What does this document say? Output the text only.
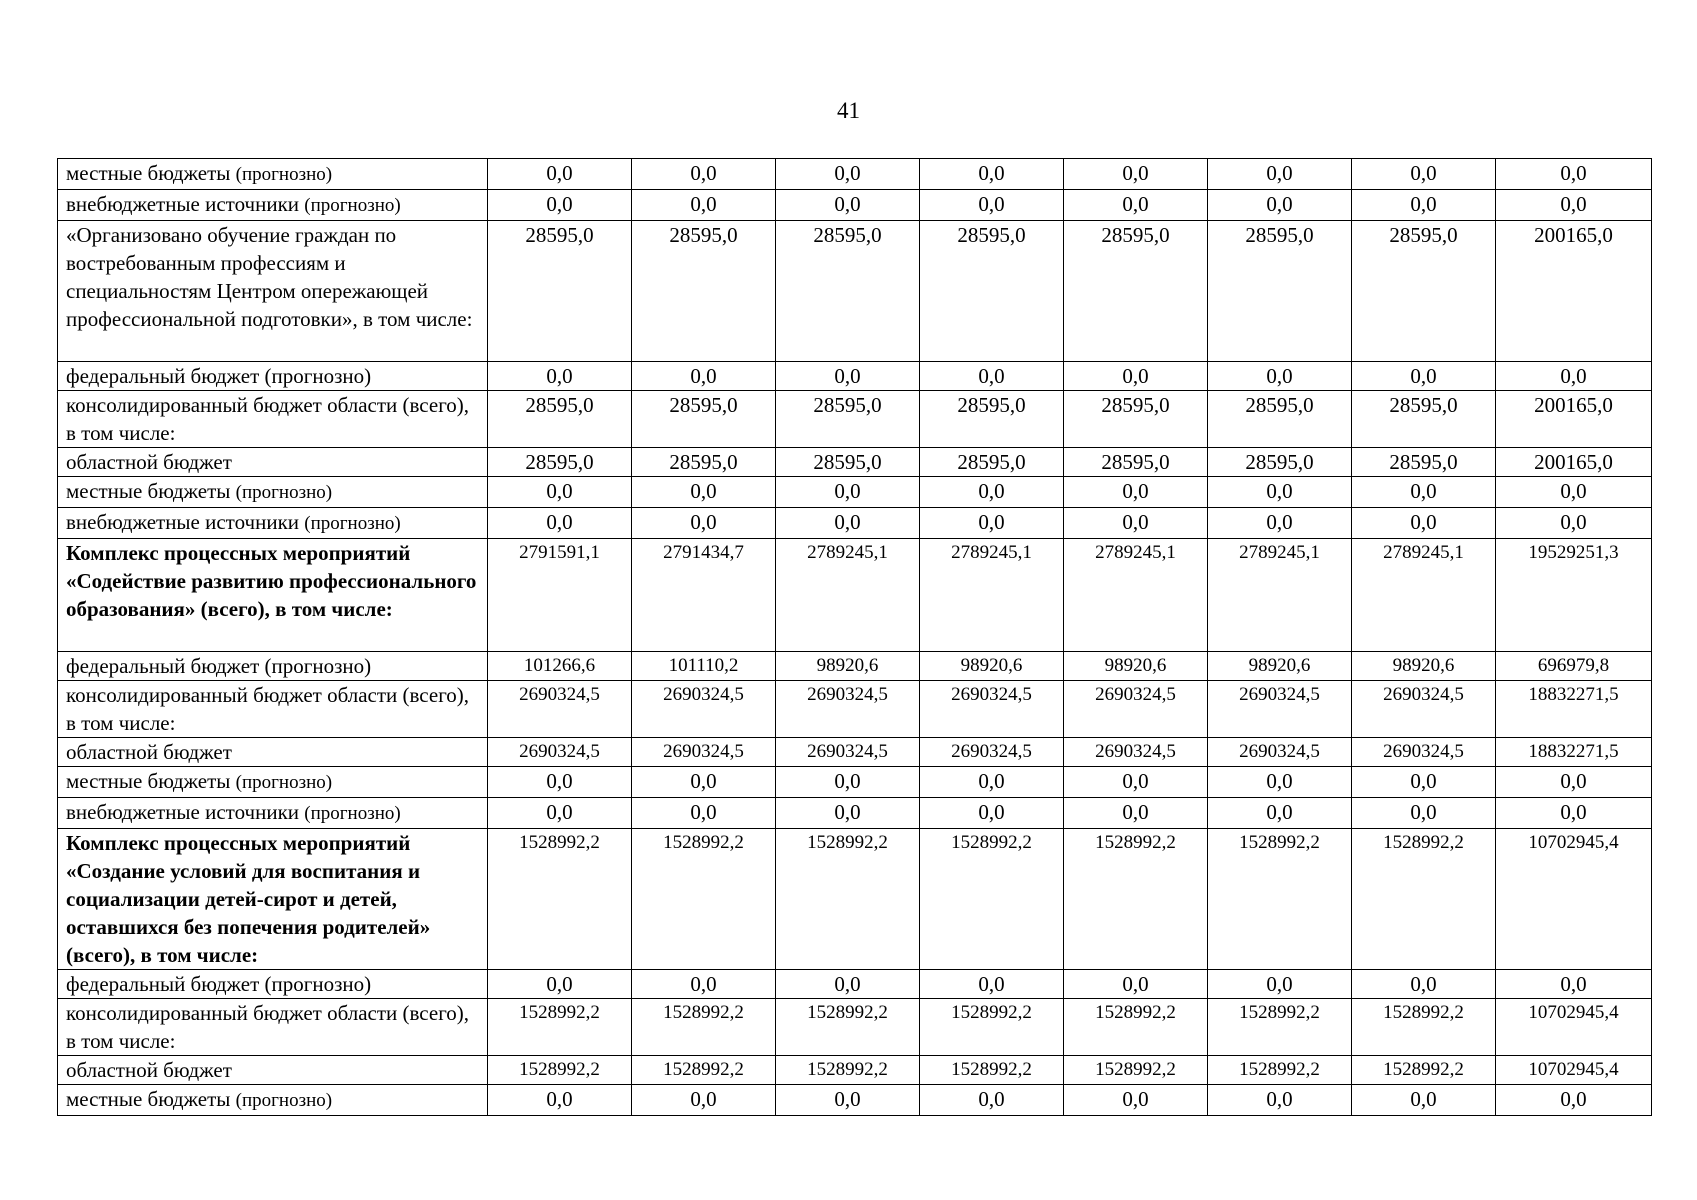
41
местные бюджеты (прогнозно)	0,0	0,0	0,0	0,0	0,0	0,0	0,0	0,0
внебюджетные источники (прогнозно)	0,0	0,0	0,0	0,0	0,0	0,0	0,0	0,0
«Организовано обучение граждан по востребованным профессиям и специальностям Центром опережающей профессиональной подготовки», в том числе:	28595,0	28595,0	28595,0	28595,0	28595,0	28595,0	28595,0	200165,0
федеральный бюджет (прогнозно)	0,0	0,0	0,0	0,0	0,0	0,0	0,0	0,0
консолидированный бюджет области (всего), в том числе:	28595,0	28595,0	28595,0	28595,0	28595,0	28595,0	28595,0	200165,0
областной бюджет	28595,0	28595,0	28595,0	28595,0	28595,0	28595,0	28595,0	200165,0
местные бюджеты (прогнозно)	0,0	0,0	0,0	0,0	0,0	0,0	0,0	0,0
внебюджетные источники (прогнозно)	0,0	0,0	0,0	0,0	0,0	0,0	0,0	0,0
Комплекс процессных мероприятий «Содействие развитию профессионального образования» (всего), в том числе:	2791591,1	2791434,7	2789245,1	2789245,1	2789245,1	2789245,1	2789245,1	19529251,3
федеральный бюджет (прогнозно)	101266,6	101110,2	98920,6	98920,6	98920,6	98920,6	98920,6	696979,8
консолидированный бюджет области (всего), в том числе:	2690324,5	2690324,5	2690324,5	2690324,5	2690324,5	2690324,5	2690324,5	18832271,5
областной бюджет	2690324,5	2690324,5	2690324,5	2690324,5	2690324,5	2690324,5	2690324,5	18832271,5
местные бюджеты (прогнозно)	0,0	0,0	0,0	0,0	0,0	0,0	0,0	0,0
внебюджетные источники (прогнозно)	0,0	0,0	0,0	0,0	0,0	0,0	0,0	0,0
Комплекс процессных мероприятий «Создание условий для воспитания и социализации детей-сирот и детей, оставшихся без попечения родителей» (всего), в том числе:	1528992,2	1528992,2	1528992,2	1528992,2	1528992,2	1528992,2	1528992,2	10702945,4
федеральный бюджет (прогнозно)	0,0	0,0	0,0	0,0	0,0	0,0	0,0	0,0
консолидированный бюджет области (всего), в том числе:	1528992,2	1528992,2	1528992,2	1528992,2	1528992,2	1528992,2	1528992,2	10702945,4
областной бюджет	1528992,2	1528992,2	1528992,2	1528992,2	1528992,2	1528992,2	1528992,2	10702945,4
местные бюджеты (прогнозно)	0,0	0,0	0,0	0,0	0,0	0,0	0,0	0,0
